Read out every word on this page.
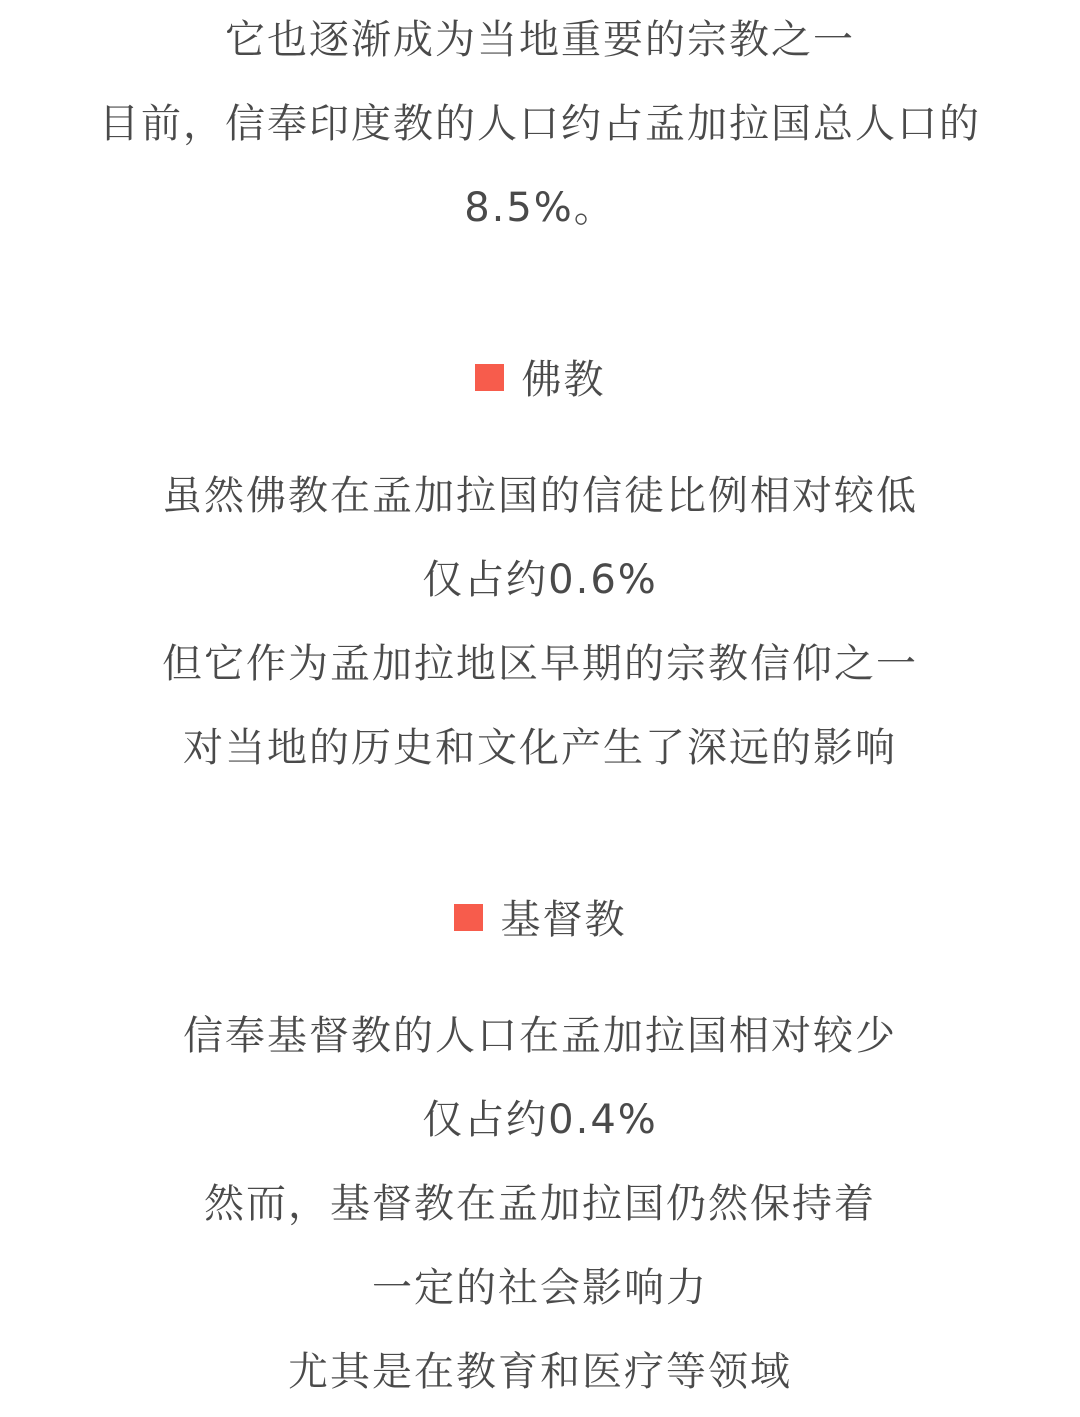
它也逐渐成为当地重要的宗教之一
目前，信奉印度教的人口约占孟加拉国总人口的
8.5%。
佛教
虽然佛教在孟加拉国的信徒比例相对较低
仅占约0.6%
但它作为孟加拉地区早期的宗教信仰之一
对当地的历史和文化产生了深远的影响
基督教
信奉基督教的人口在孟加拉国相对较少
仅占约0.4%
然而，基督教在孟加拉国仍然保持着
一定的社会影响力
尤其是在教育和医疗等领域
